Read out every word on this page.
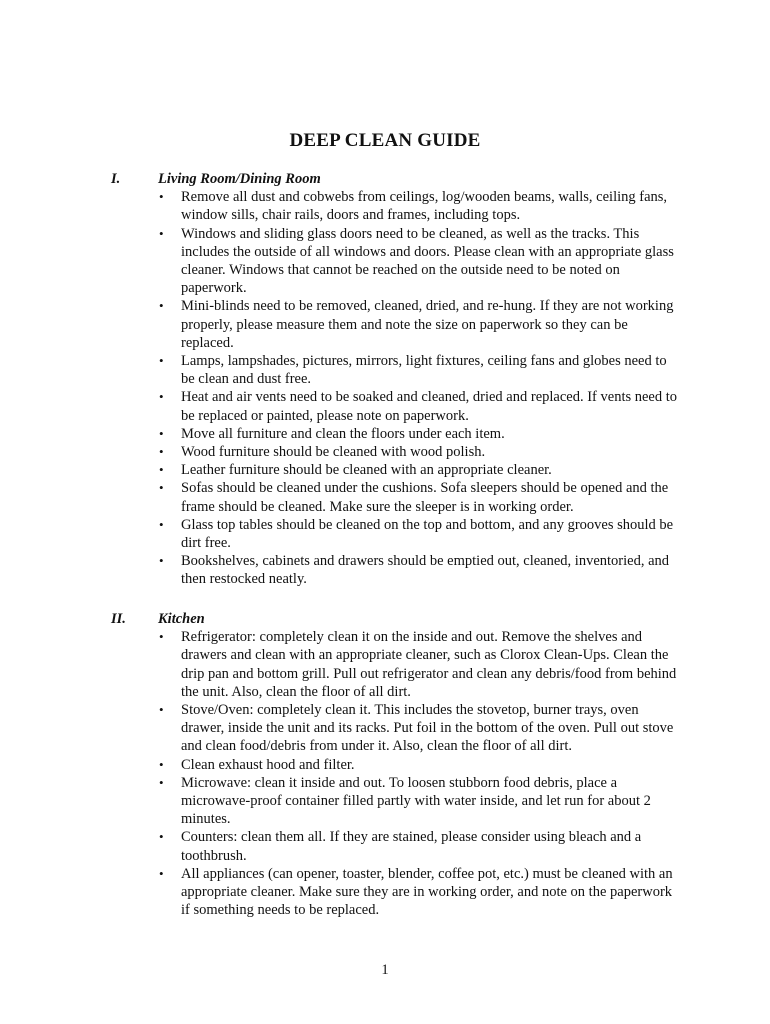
DEEP CLEAN GUIDE
I.	Living Room/Dining Room
• Remove all dust and cobwebs from ceilings, log/wooden beams, walls, ceiling fans, window sills, chair rails, doors and frames, including tops.
• Windows and sliding glass doors need to be cleaned, as well as the tracks. This includes the outside of all windows and doors. Please clean with an appropriate glass cleaner. Windows that cannot be reached on the outside need to be noted on paperwork.
• Mini-blinds need to be removed, cleaned, dried, and re-hung. If they are not working properly, please measure them and note the size on paperwork so they can be replaced.
• Lamps, lampshades, pictures, mirrors, light fixtures, ceiling fans and globes need to be clean and dust free.
• Heat and air vents need to be soaked and cleaned, dried and replaced. If vents need to be replaced or painted, please note on paperwork.
• Move all furniture and clean the floors under each item.
• Wood furniture should be cleaned with wood polish.
• Leather furniture should be cleaned with an appropriate cleaner.
• Sofas should be cleaned under the cushions. Sofa sleepers should be opened and the frame should be cleaned. Make sure the sleeper is in working order.
• Glass top tables should be cleaned on the top and bottom, and any grooves should be dirt free.
• Bookshelves, cabinets and drawers should be emptied out, cleaned, inventoried, and then restocked neatly.
II. Kitchen
• Refrigerator: completely clean it on the inside and out. Remove the shelves and drawers and clean with an appropriate cleaner, such as Clorox Clean-Ups. Clean the drip pan and bottom grill. Pull out refrigerator and clean any debris/food from behind the unit. Also, clean the floor of all dirt.
• Stove/Oven: completely clean it. This includes the stovetop, burner trays, oven drawer, inside the unit and its racks. Put foil in the bottom of the oven. Pull out stove and clean food/debris from under it. Also, clean the floor of all dirt.
• Clean exhaust hood and filter.
• Microwave: clean it inside and out. To loosen stubborn food debris, place a microwave-proof container filled partly with water inside, and let run for about 2 minutes.
• Counters: clean them all. If they are stained, please consider using bleach and a toothbrush.
• All appliances (can opener, toaster, blender, coffee pot, etc.) must be cleaned with an appropriate cleaner. Make sure they are in working order, and note on the paperwork if something needs to be replaced.
1
